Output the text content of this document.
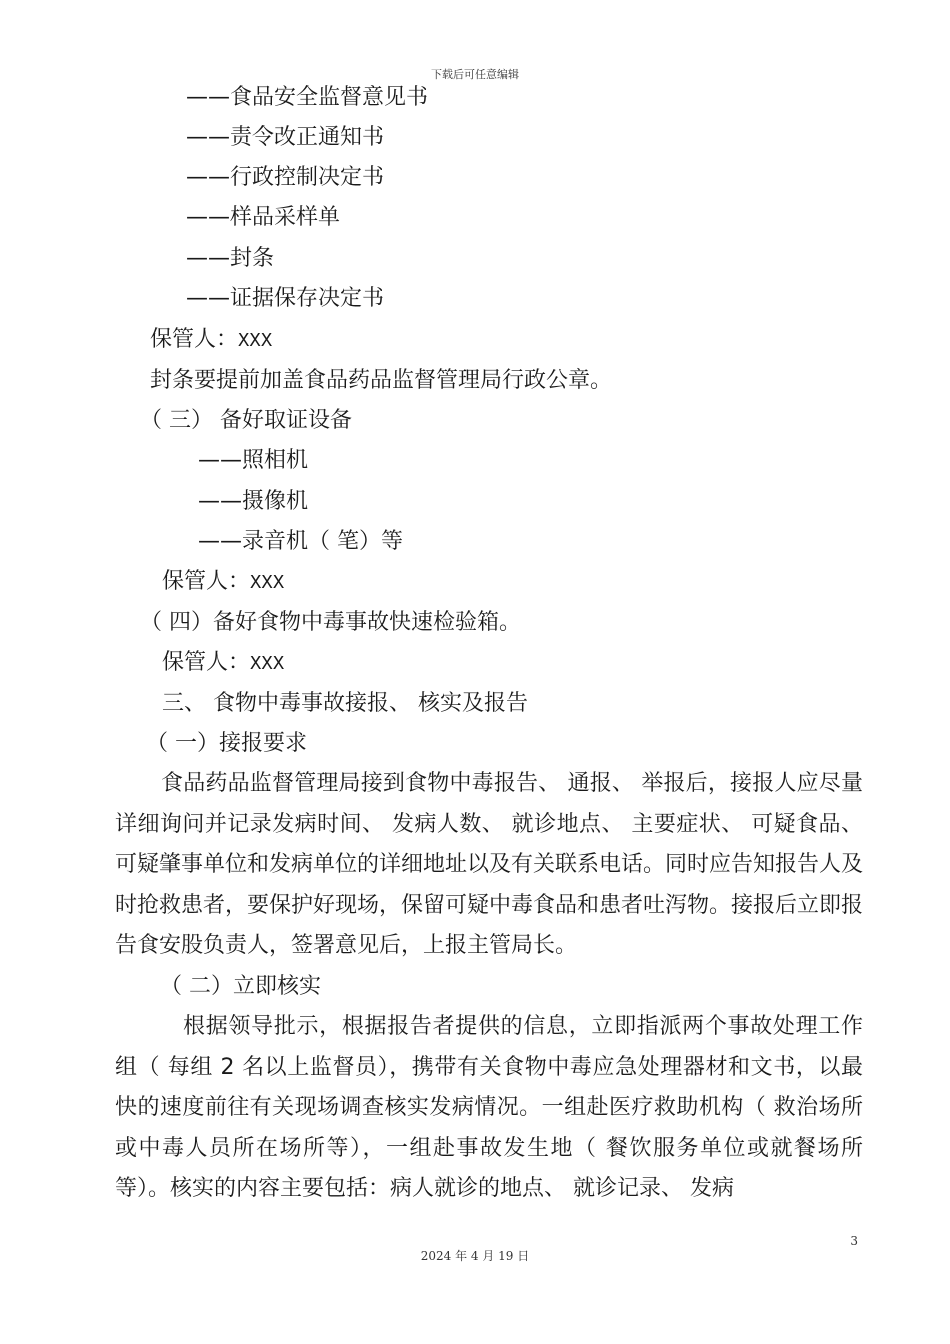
下载后可任意编辑
——食品安全监督意见书
——责令改正通知书
——行政控制决定书
——样品采样单
——封条
——证据保存决定书
保管人：XXX
封条要提前加盖食品药品监督管理局行政公章。
（ 三） 备好取证设备
——照相机
——摄像机
——录音机（ 笔）等
保管人：XXX
（ 四）备好食物中毒事故快速检验箱。
保管人：XXX
三、 食物中毒事故接报、 核实及报告
（ 一）接报要求
食品药品监督管理局接到食物中毒报告、 通报、 举报后，接报人应尽量详细询问并记录发病时间、 发病人数、 就诊地点、 主要症状、 可疑食品、 可疑肇事单位和发病单位的详细地址以及有关联系电话。同时应告知报告人及时抢救患者，要保护好现场，保留可疑中毒食品和患者吐泻物。接报后立即报告食安股负责人，签署意见后，上报主管局长。
（ 二）立即核实
根据领导批示，根据报告者提供的信息，立即指派两个事故处理工作组（ 每组 2 名以上监督员），携带有关食物中毒应急处理器材和文书，以最快的速度前往有关现场调查核实发病情况。一组赴医疗救助机构（ 救治场所或中毒人员所在场所等），一组赴事故发生地（ 餐饮服务单位或就餐场所等）。核实的内容主要包括：病人就诊的地点、 就诊记录、 发病
3
2024 年 4 月 19 日
